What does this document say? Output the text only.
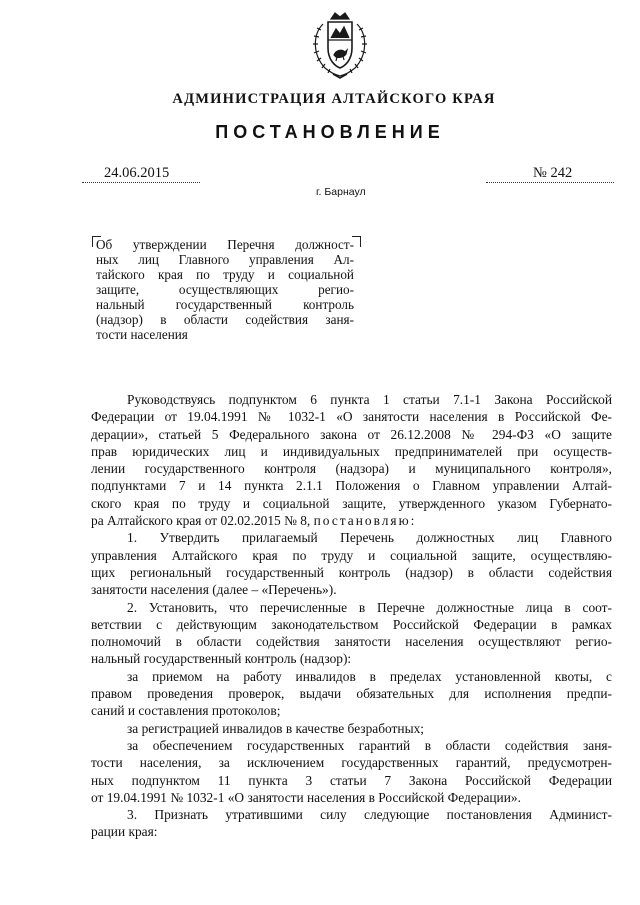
АДМИНИСТРАЦИЯ АЛТАЙСКОГО КРАЯ
ПОСТАНОВЛЕНИЕ
24.06.2015	№ 242
г. Барнаул
Об утверждении Перечня должност-
ных лиц Главного управления Ал-
тайского края по труду и социальной
защите, осуществляющих регио-
нальный государственный контроль
(надзор) в области содействия заня-
тости населения
Руководствуясь подпунктом 6 пункта 1 статьи 7.1-1 Закона Российской
Федерации от 19.04.1991 № 1032-1 «О занятости населения в Российской Фе-
дерации», статьей 5 Федерального закона от 26.12.2008 № 294-ФЗ «О защите
прав юридических лиц и индивидуальных предпринимателей при осуществ-
лении государственного контроля (надзора) и муниципального контроля»,
подпунктами 7 и 14 пункта 2.1.1 Положения о Главном управлении Алтай-
ского края по труду и социальной защите, утвержденного указом Губернато-
ра Алтайского края от 02.02.2015 № 8, постановляю:
1. Утвердить прилагаемый Перечень должностных лиц Главного
управления Алтайского края по труду и социальной защите, осуществляю-
щих региональный государственный контроль (надзор) в области содействия
занятости населения (далее – «Перечень»).
2. Установить, что перечисленные в Перечне должностные лица в соот-
ветствии с действующим законодательством Российской Федерации в рамках
полномочий в области содействия занятости населения осуществляют регио-
нальный государственный контроль (надзор):
за приемом на работу инвалидов в пределах установленной квоты, с
правом проведения проверок, выдачи обязательных для исполнения предпи-
саний и составления протоколов;
за регистрацией инвалидов в качестве безработных;
за обеспечением государственных гарантий в области содействия заня-
тости населения, за исключением государственных гарантий, предусмотрен-
ных подпунктом 11 пункта 3 статьи 7 Закона Российской Федерации
от 19.04.1991 № 1032-1 «О занятости населения в Российской Федерации».
3. Признать утратившими силу следующие постановления Админист-
рации края:
